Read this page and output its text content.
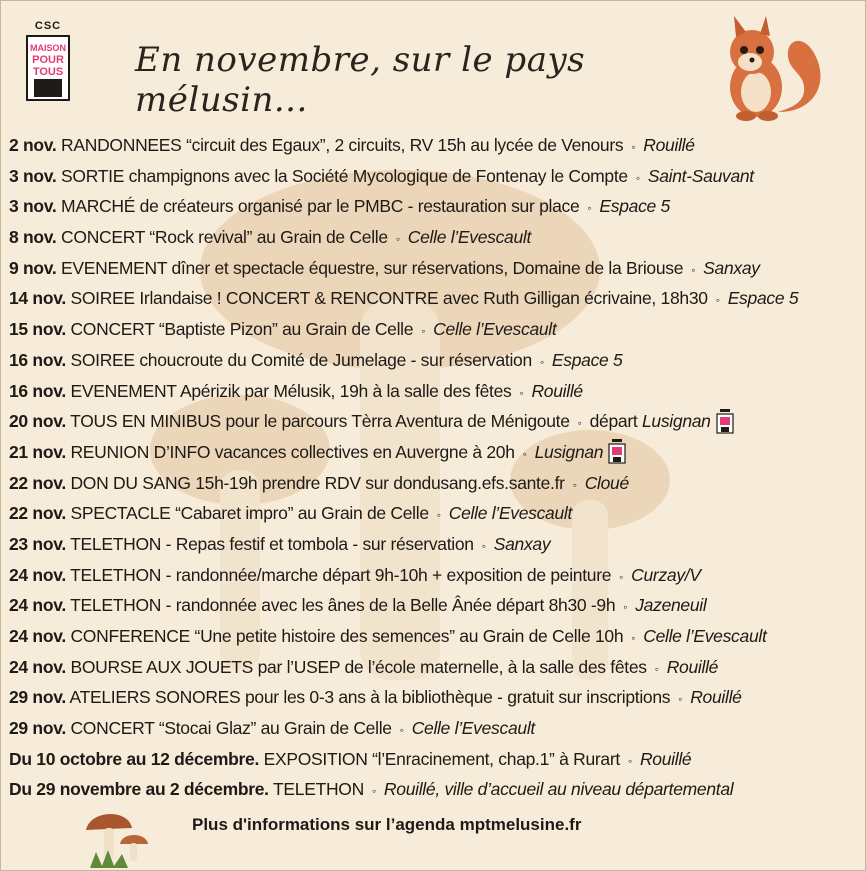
CSC
MAISON
POUR
TOUS En novembre, sur le pays mélusin...
2 nov. RANDONNEES “circuit des Egaux”, 2 circuits, RV 15h au lycée de Venours ◦ Rouillé
3 nov. SORTIE champignons avec la Société Mycologique de Fontenay le Compte ◦ Saint-Sauvant
3 nov. MARCHÉ de créateurs organisé par le PMBC - restauration sur place ◦ Espace 5
8 nov. CONCERT “Rock revival” au Grain de Celle ◦ Celle l’Evescault
9 nov. EVENEMENT dîner et spectacle équestre, sur réservations, Domaine de la Briouse ◦ Sanxay
14 nov. SOIREE Irlandaise ! CONCERT & RENCONTRE avec Ruth Gilligan écrivaine, 18h30 ◦ Espace 5
15 nov. CONCERT “Baptiste Pizon” au Grain de Celle ◦ Celle l’Evescault
16 nov. SOIREE choucroute du Comité de Jumelage - sur réservation ◦ Espace 5
16 nov. EVENEMENT Apérizik par Mélusik, 19h à la salle des fêtes ◦ Rouillé
20 nov. TOUS EN MINIBUS pour le parcours Tèrra Aventura de Ménigoute ◦ départ Lusignan
21 nov. REUNION D’INFO vacances collectives en Auvergne à 20h ◦ Lusignan
22 nov. DON DU SANG 15h-19h prendre RDV sur dondusang.efs.sante.fr ◦ Cloué
22 nov. SPECTACLE “Cabaret impro” au Grain de Celle ◦ Celle l’Evescault
23 nov. TELETHON - Repas festif et tombola - sur réservation ◦ Sanxay
24 nov. TELETHON - randonnée/marche départ 9h-10h + exposition de peinture ◦ Curzay/V
24 nov. TELETHON - randonnée avec les ânes de la Belle Ânée départ 8h30 -9h ◦ Jazeneuil
24 nov. CONFERENCE “Une petite histoire des semences” au Grain de Celle 10h ◦ Celle l’Evescault
24 nov. BOURSE AUX JOUETS par l’USEP de l’école maternelle, à la salle des fêtes ◦ Rouillé
29 nov. ATELIERS SONORES pour les 0-3 ans à la bibliothèque - gratuit sur inscriptions ◦ Rouillé
29 nov. CONCERT “Stocai Glaz” au Grain de Celle ◦ Celle l’Evescault
Du 10 octobre au 12 décembre. EXPOSITION “l’Enracinement, chap.1” à Rurart ◦ Rouillé
Du 29 novembre au 2 décembre. TELETHON ◦ Rouillé, ville d’accueil au niveau départemental
Plus d'informations sur l’agenda mptmelusine.fr
